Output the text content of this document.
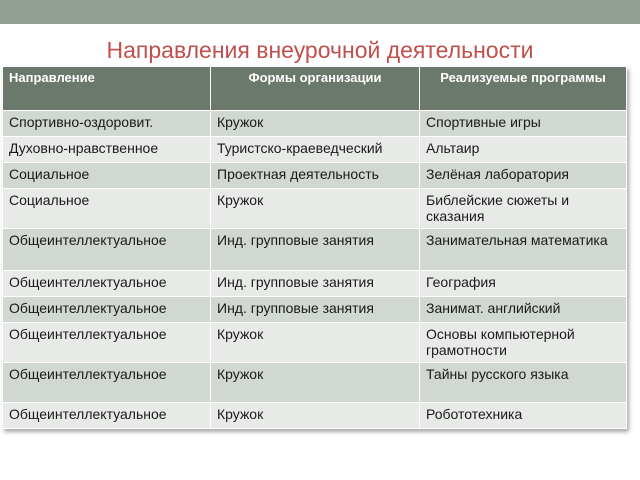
Направления внеурочной деятельности
Направление	Формы организации	Реализуемые программы
Спортивно-оздоровит.	Кружок	Спортивные игры
Духовно-нравственное	Туристско-краеведческий	Альтаир
Социальное	Проектная деятельность	Зелёная лаборатория
Социальное	Кружок	Библейские сюжеты и сказания
Общеинтеллектуальное	Инд. групповые занятия	Занимательная математика
Общеинтеллектуальное	Инд. групповые занятия	География
Общеинтеллектуальное	Инд. групповые занятия	Занимат. английский
Общеинтеллектуальное	Кружок	Основы компьютерной грамотности
Общеинтеллектуальное	Кружок	Тайны русского языка
Общеинтеллектуальное	Кружок	Робототехника
